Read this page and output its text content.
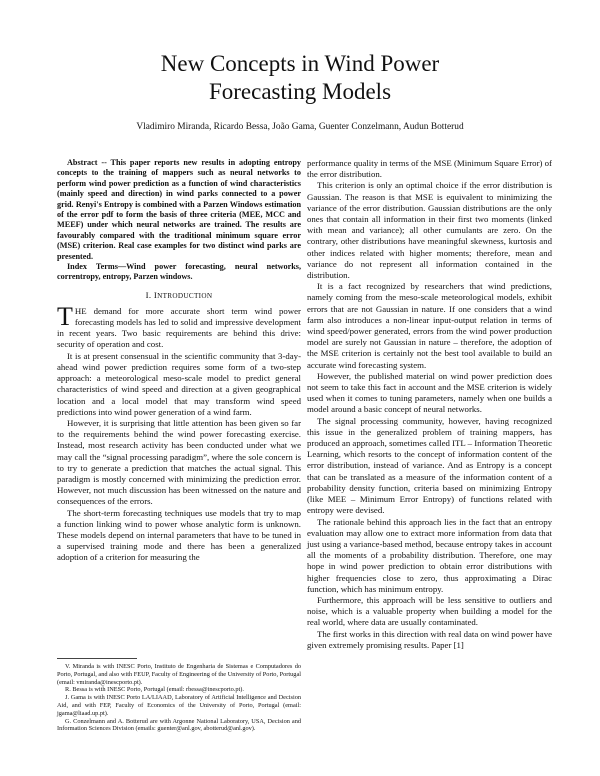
New Concepts in Wind Power
Forecasting Models
Vladimiro Miranda, Ricardo Bessa, João Gama, Guenter Conzelmann, Audun Botterud

Abstract -- This paper reports new results in adopting entropy concepts to the training of mappers such as neural networks to perform wind power prediction as a function of wind characteristics (mainly speed and direction) in wind parks connected to a power grid. Renyi's Entropy is combined with a Parzen Windows estimation of the error pdf to form the basis of three criteria (MEE, MCC and MEEF) under which neural networks are trained. The results are favourably compared with the traditional minimum square error (MSE) criterion. Real case examples for two distinct wind parks are presented.

Index Terms—Wind power forecasting, neural networks, correntropy, entropy, Parzen windows.

I. INTRODUCTION

THE demand for more accurate short term wind power forecasting models has led to solid and impressive development in recent years. Two basic requirements are behind this drive: security of operation and cost.

It is at present consensual in the scientific community that 3-day-ahead wind power prediction requires some form of a two-step approach: a meteorological meso-scale model to predict general characteristics of wind speed and direction at a given geographical location and a local model that may transform wind speed predictions into wind power generation of a wind farm.

However, it is surprising that little attention has been given so far to the requirements behind the wind power forecasting exercise. Instead, most research activity has been conducted under what we may call the “signal processing paradigm”, where the sole concern is to try to generate a prediction that matches the actual signal. This paradigm is mostly concerned with minimizing the prediction error. However, not much discussion has been witnessed on the nature and consequences of the errors.

The short-term forecasting techniques use models that try to map a function linking wind to power whose analytic form is unknown. These models depend on internal parameters that have to be tuned in a supervised training mode and there has been a generalized adoption of a criterion for measuring the

V. Miranda is with INESC Porto, Instituto de Engenharia de Sistemas e Computadores do Porto, Portugal, and also with FEUP, Faculty of Engineering of the University of Porto, Portugal (email: vmiranda@inescporto.pt).

R. Bessa is with INESC Porto, Portugal (email: rbessa@inescporto.pt).

J. Gama is with INESC Porto LA/LIAAD, Laboratory of Artificial Intelligence and Decision Aid, and with FEP, Faculty of Economics of the University of Porto, Portugal (email: jgama@liaad.up.pt).

G. Conzelmann and A. Botterud are with Argonne National Laboratory, USA, Decision and Information Sciences Division (emails: guenter@anl.gov, abotterud@anl.gov).

performance quality in terms of the MSE (Minimum Square Error) of the error distribution.

This criterion is only an optimal choice if the error distribution is Gaussian. The reason is that MSE is equivalent to minimizing the variance of the error distribution. Gaussian distributions are the only ones that contain all information in their first two moments (linked with mean and variance); all other cumulants are zero. On the contrary, other distributions have meaningful skewness, kurtosis and other indices related with higher moments; therefore, mean and variance do not represent all information contained in the distribution.

It is a fact recognized by researchers that wind predictions, namely coming from the meso-scale meteorological models, exhibit errors that are not Gaussian in nature. If one considers that a wind farm also introduces a non-linear input-output relation in terms of wind speed/power generated, errors from the wind power production model are surely not Gaussian in nature – therefore, the adoption of the MSE criterion is certainly not the best tool available to build an accurate wind forecasting system.

However, the published material on wind power prediction does not seem to take this fact in account and the MSE criterion is widely used when it comes to tuning parameters, namely when one builds a model around a basic concept of neural networks.

The signal processing community, however, having recognized this issue in the generalized problem of training mappers, has produced an approach, sometimes called ITL – Information Theoretic Learning, which resorts to the concept of information content of the error distribution, instead of variance. And as Entropy is a concept that can be translated as a measure of the information content of a probability density function, criteria based on minimizing Entropy (like MEE – Minimum Error Entropy) of functions related with entropy were devised.

The rationale behind this approach lies in the fact that an entropy evaluation may allow one to extract more information from data that just using a variance-based method, because entropy takes in account all the moments of a probability distribution. Therefore, one may hope in wind power prediction to obtain error distributions with higher frequencies close to zero, thus approximating a Dirac function, which has minimum entropy.

Furthermore, this approach will be less sensitive to outliers and noise, which is a valuable property when building a model for the real world, where data are usually contaminated.

The first works in this direction with real data on wind power have given extremely promising results. Paper [1]
